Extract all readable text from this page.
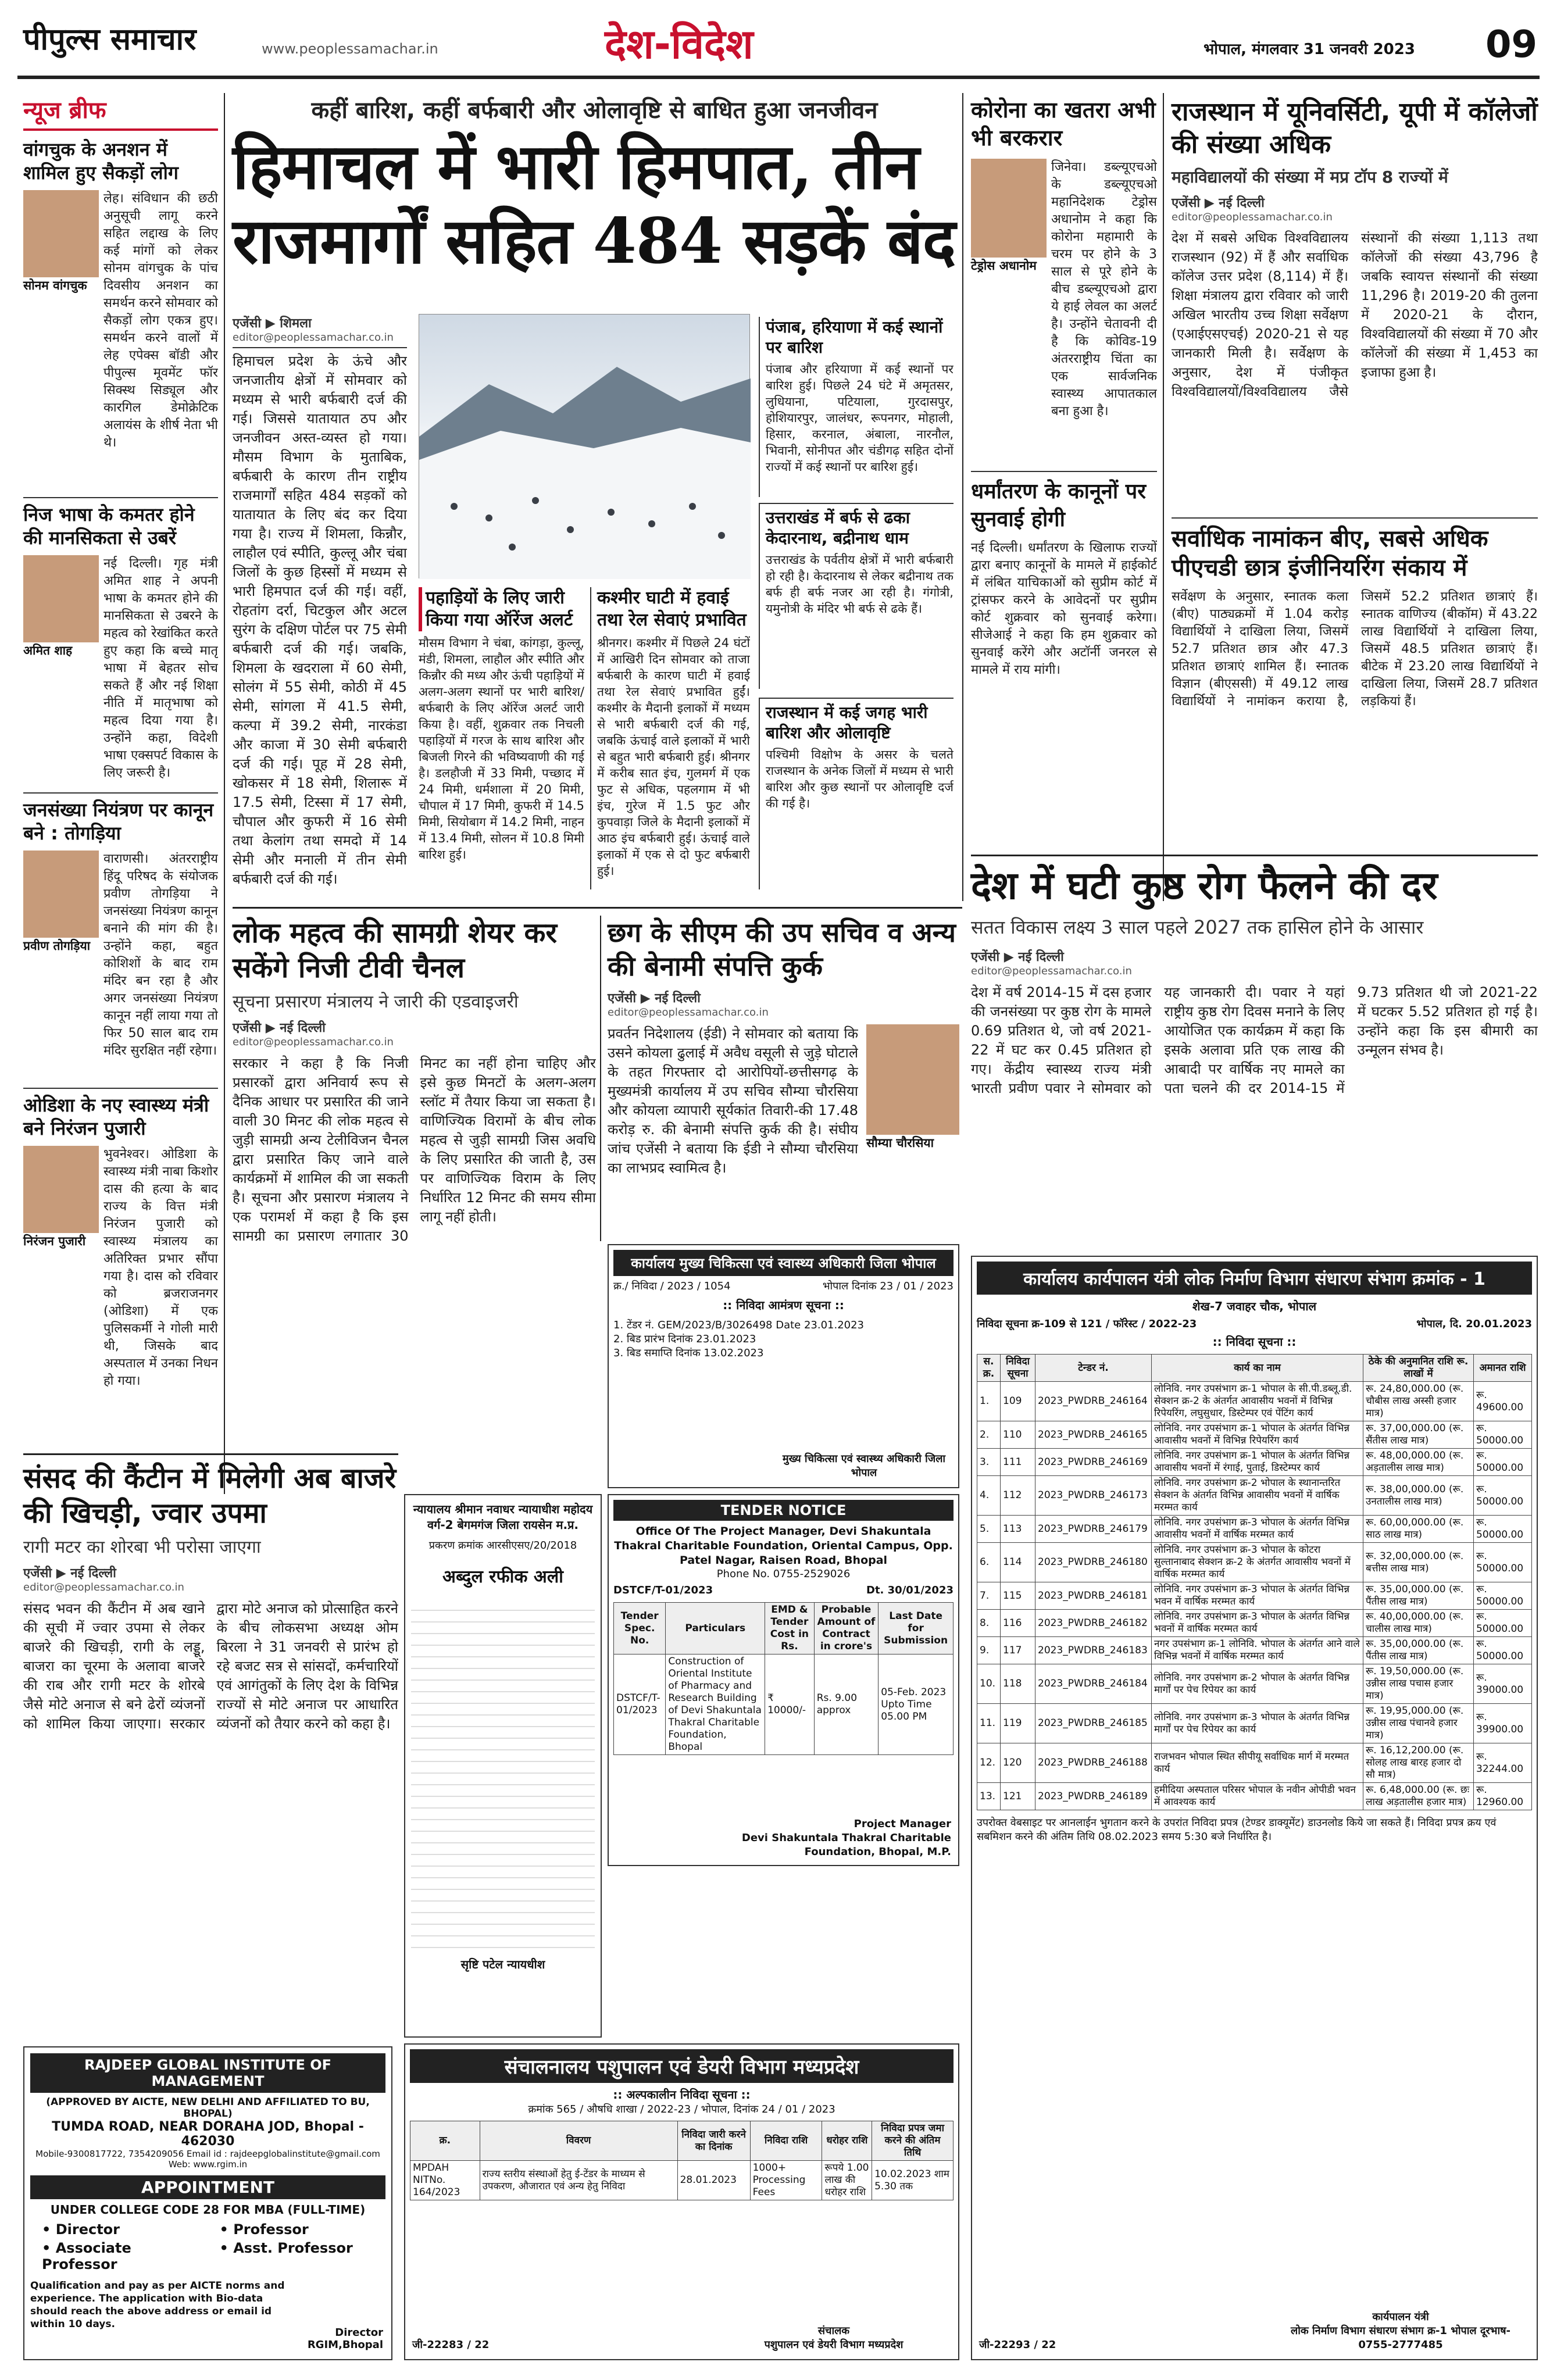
पीपुल्स समाचार	www.peoplessamachar.in	देश-विदेश	भोपाल, मंगलवार 31 जनवरी 2023 09
न्यूज ब्रीफ
वांगचुक के अनशन में शामिल हुए सैकड़ों लोग
सोनम वांगचुक
लेह। संविधान की छठी अनुसूची लागू करने सहित लद्दाख के लिए कई मांगों को लेकर सोनम वांगचुक के पांच दिवसीय अनशन का समर्थन करने सोमवार को सैकड़ों लोग एकत्र हुए। समर्थन करने वालों में लेह एपेक्स बॉडी और पीपुल्स मूवमेंट फॉर सिक्स्थ सिड्यूल और कारगिल डेमोक्रेटिक अलायंस के शीर्ष नेता भी थे।
निज भाषा के कमतर होने की मानसिकता से उबरें
अमित शाह
नई दिल्ली। गृह मंत्री अमित शाह ने अपनी भाषा के कमतर होने की मानसिकता से उबरने के महत्व को रेखांकित करते हुए कहा कि बच्चे मातृ भाषा में बेहतर सोच सकते हैं और नई शिक्षा नीति में मातृभाषा को महत्व दिया गया है। उन्होंने कहा, विदेशी भाषा एक्सपर्ट विकास के लिए जरूरी है।
जनसंख्या नियंत्रण पर कानून बने : तोगड़िया
प्रवीण तोगड़िया
वाराणसी। अंतरराष्ट्रीय हिंदू परिषद के संयोजक प्रवीण तोगड़िया ने जनसंख्या नियंत्रण कानून बनाने की मांग की है। उन्होंने कहा, बहुत कोशिशों के बाद राम मंदिर बन रहा है और अगर जनसंख्या नियंत्रण कानून नहीं लाया गया तो फिर 50 साल बाद राम मंदिर सुरक्षित नहीं रहेगा।
ओडिशा के नए स्वास्थ्य मंत्री बने निरंजन पुजारी
निरंजन पुजारी
भुवनेश्वर। ओडिशा के स्वास्थ्य मंत्री नाबा किशोर दास की हत्या के बाद राज्य के वित्त मंत्री निरंजन पुजारी को स्वास्थ्य मंत्रालय का अतिरिक्त प्रभार सौंपा गया है। दास को रविवार को ब्रजराजनगर (ओडिशा) में एक पुलिसकर्मी ने गोली मारी थी, जिसके बाद अस्पताल में उनका निधन हो गया।
कहीं बारिश, कहीं बर्फबारी और ओलावृष्टि से बाधित हुआ जनजीवन
हिमाचल में भारी हिमपात, तीन राजमार्गों सहित 484 सड़कें बंद
एजेंसी ▶ शिमला
editor@peoplessamachar.co.in
हिमाचल प्रदेश के ऊंचे और जनजातीय क्षेत्रों में सोमवार को मध्यम से भारी बर्फबारी दर्ज की गई। जिससे यातायात ठप और जनजीवन अस्त-व्यस्त हो गया। मौसम विभाग के मुताबिक, बर्फबारी के कारण तीन राष्ट्रीय राजमार्गों सहित 484 सड़कों को यातायात के लिए बंद कर दिया गया है। राज्य में शिमला, किन्नौर, लाहौल एवं स्पीति, कुल्लू और चंबा जिलों के कुछ हिस्सों में मध्यम से भारी हिमपात दर्ज की गई। वहीं, रोहतांग दर्रा, चिटकुल और अटल सुरंग के दक्षिण पोर्टल पर 75 सेमी बर्फबारी दर्ज की गई। जबकि, शिमला के खदराला में 60 सेमी, सोलंग में 55 सेमी, कोठी में 45 सेमी, सांगला में 41.5 सेमी, कल्पा में 39.2 सेमी, नारकंडा और काजा में 30 सेमी बर्फबारी दर्ज की गई। पूह में 28 सेमी, खोकसर में 18 सेमी, शिलारू में 17.5 सेमी, टिस्सा में 17 सेमी, चौपाल और कुफरी में 16 सेमी तथा केलांग तथा समदो में 14 सेमी और मनाली में तीन सेमी बर्फबारी दर्ज की गई।
पहाड़ियों के लिए जारी किया गया ऑरेंज अलर्ट
मौसम विभाग ने चंबा, कांगड़ा, कुल्लू, मंडी, शिमला, लाहौल और स्पीति और किन्नौर की मध्य और ऊंची पहाड़ियों में अलग-अलग स्थानों पर भारी बारिश/बर्फबारी के लिए ऑरेंज अलर्ट जारी किया है। वहीं, शुक्रवार तक निचली पहाड़ियों में गरज के साथ बारिश और बिजली गिरने की भविष्यवाणी की गई है। डलहौजी में 33 मिमी, पच्छाद में 24 मिमी, धर्मशाला में 20 मिमी, चौपाल में 17 मिमी, कुफरी में 14.5 मिमी, सियोबाग में 14.2 मिमी, नाहन में 13.4 मिमी, सोलन में 10.8 मिमी बारिश हुई।
कश्मीर घाटी में हवाई तथा रेल सेवाएं प्रभावित
श्रीनगर। कश्मीर में पिछले 24 घंटों में आखिरी दिन सोमवार को ताजा बर्फबारी के कारण घाटी में हवाई तथा रेल सेवाएं प्रभावित हुईं। कश्मीर के मैदानी इलाकों में मध्यम से भारी बर्फबारी दर्ज की गई, जबकि ऊंचाई वाले इलाकों में भारी से बहुत भारी बर्फबारी हुई। श्रीनगर में करीब सात इंच, गुलमर्ग में एक फुट से अधिक, पहलगाम में भी इंच, गुरेज में 1.5 फुट और कुपवाड़ा जिले के मैदानी इलाकों में आठ इंच बर्फबारी हुई। ऊंचाई वाले इलाकों में एक से दो फुट बर्फबारी हुई।
पंजाब, हरियाणा में कई स्थानों पर बारिश
पंजाब और हरियाणा में कई स्थानों पर बारिश हुई। पिछले 24 घंटे में अमृतसर, लुधियाना, पटियाला, गुरदासपुर, होशियारपुर, जालंधर, रूपनगर, मोहाली, हिसार, करनाल, अंबाला, नारनौल, भिवानी, सोनीपत और चंडीगढ़ सहित दोनों राज्यों में कई स्थानों पर बारिश हुई।
उत्तराखंड में बर्फ से ढका केदारनाथ, बद्रीनाथ धाम
उत्तराखंड के पर्वतीय क्षेत्रों में भारी बर्फबारी हो रही है। केदारनाथ से लेकर बद्रीनाथ तक बर्फ ही बर्फ नजर आ रही है। गंगोत्री, यमुनोत्री के मंदिर भी बर्फ से ढके हैं।
राजस्थान में कई जगह भारी बारिश और ओलावृष्टि
पश्चिमी विक्षोभ के असर के चलते राजस्थान के अनेक जिलों में मध्यम से भारी बारिश और कुछ स्थानों पर ओलावृष्टि दर्ज की गई है।
कोरोना का खतरा अभी भी बरकरार
टेड्रोस अधानोम
जिनेवा। डब्ल्यूएचओ के डब्ल्यूएचओ महानिदेशक टेड्रोस अधानोम ने कहा कि कोरोना महामारी के चरम पर होने के 3 साल से पूरे होने के बीच डब्ल्यूएचओ द्वारा ये हाई लेवल का अलर्ट है। उन्होंने चेतावनी दी है कि कोविड-19 अंतरराष्ट्रीय चिंता का एक सार्वजनिक स्वास्थ्य आपातकाल बना हुआ है।
धर्मांतरण के कानूनों पर सुनवाई होगी
नई दिल्ली। धर्मांतरण के खिलाफ राज्यों द्वारा बनाए कानूनों के मामले में हाईकोर्ट में लंबित याचिकाओं को सुप्रीम कोर्ट में ट्रांसफर करने के आवेदनों पर सुप्रीम कोर्ट शुक्रवार को सुनवाई करेगा। सीजेआई ने कहा कि हम शुक्रवार को सुनवाई करेंगे और अटॉर्नी जनरल से मामले में राय मांगी।
राजस्थान में यूनिवर्सिटी, यूपी में कॉलेजों की संख्या अधिक
महाविद्यालयों की संख्या में मप्र टॉप 8 राज्यों में
एजेंसी ▶ नई दिल्ली
editor@peoplessamachar.co.in
देश में सबसे अधिक विश्वविद्यालय राजस्थान (92) में हैं और सर्वाधिक कॉलेज उत्तर प्रदेश (8,114) में हैं। शिक्षा मंत्रालय द्वारा रविवार को जारी अखिल भारतीय उच्च शिक्षा सर्वेक्षण (एआईएसएचई) 2020-21 से यह जानकारी मिली है। सर्वेक्षण के अनुसार, देश में पंजीकृत विश्वविद्यालयों/विश्वविद्यालय जैसे संस्थानों की संख्या 1,113 तथा कॉलेजों की संख्या 43,796 है जबकि स्वायत्त संस्थानों की संख्या 11,296 है। 2019-20 की तुलना में 2020-21 के दौरान, विश्वविद्यालयों की संख्या में 70 और कॉलेजों की संख्या में 1,453 का इजाफा हुआ है।
सर्वाधिक नामांकन बीए, सबसे अधिक पीएचडी छात्र इंजीनियरिंग संकाय में
सर्वेक्षण के अनुसार, स्नातक कला (बीए) पाठ्यक्रमों में 1.04 करोड़ विद्यार्थियों ने दाखिला लिया, जिसमें 52.7 प्रतिशत छात्र और 47.3 प्रतिशत छात्राएं शामिल हैं। स्नातक विज्ञान (बीएससी) में 49.12 लाख विद्यार्थियों ने नामांकन कराया है, जिसमें 52.2 प्रतिशत छात्राएं हैं। स्नातक वाणिज्य (बीकॉम) में 43.22 लाख विद्यार्थियों ने दाखिला लिया, जिसमें 48.5 प्रतिशत छात्राएं हैं। बीटेक में 23.20 लाख विद्यार्थियों ने दाखिला लिया, जिसमें 28.7 प्रतिशत लड़कियां हैं।
देश में घटी कुष्ठ रोग फैलने की दर
सतत विकास लक्ष्य 3 साल पहले 2027 तक हासिल होने के आसार
एजेंसी ▶ नई दिल्ली
editor@peoplessamachar.co.in
देश में वर्ष 2014-15 में दस हजार की जनसंख्या पर कुष्ठ रोग के मामले 0.69 प्रतिशत थे, जो वर्ष 2021-22 में घट कर 0.45 प्रतिशत हो गए। केंद्रीय स्वास्थ्य राज्य मंत्री भारती प्रवीण पवार ने सोमवार को यह जानकारी दी। पवार ने यहां राष्ट्रीय कुष्ठ रोग दिवस मनाने के लिए आयोजित एक कार्यक्रम में कहा कि इसके अलावा प्रति एक लाख की आबादी पर वार्षिक नए मामले का पता चलने की दर 2014-15 में 9.73 प्रतिशत थी जो 2021-22 में घटकर 5.52 प्रतिशत हो गई है। उन्होंने कहा कि इस बीमारी का उन्मूलन संभव है।
लोक महत्व की सामग्री शेयर कर सकेंगे निजी टीवी चैनल
सूचना प्रसारण मंत्रालय ने जारी की एडवाइजरी
एजेंसी ▶ नई दिल्ली
editor@peoplessamachar.co.in
सरकार ने कहा है कि निजी प्रसारकों द्वारा अनिवार्य रूप से दैनिक आधार पर प्रसारित की जाने वाली 30 मिनट की लोक महत्व से जुड़ी सामग्री अन्य टेलीविजन चैनल द्वारा प्रसारित किए जाने वाले कार्यक्रमों में शामिल की जा सकती है। सूचना और प्रसारण मंत्रालय ने एक परामर्श में कहा है कि इस सामग्री का प्रसारण लगातार 30 मिनट का नहीं होना चाहिए और इसे कुछ मिनटों के अलग-अलग स्लॉट में तैयार किया जा सकता है। वाणिज्यिक विरामों के बीच लोक महत्व से जुड़ी सामग्री जिस अवधि के लिए प्रसारित की जाती है, उस पर वाणिज्यिक विराम के लिए निर्धारित 12 मिनट की समय सीमा लागू नहीं होती।
छग के सीएम की उप सचिव व अन्य की बेनामी संपत्ति कुर्क
एजेंसी ▶ नई दिल्ली
editor@peoplessamachar.co.in
प्रवर्तन निदेशालय (ईडी) ने सोमवार को बताया कि उसने कोयला ढुलाई में अवैध वसूली से जुड़े घोटाले के तहत गिरफ्तार दो आरोपियों-छत्तीसगढ़ के मुख्यमंत्री कार्यालय में उप सचिव सौम्या चौरसिया और कोयला व्यापारी सूर्यकांत तिवारी-की 17.48 करोड़ रु. की बेनामी संपत्ति कुर्क की है। संघीय जांच एजेंसी ने बताया कि ईडी ने सौम्या चौरसिया का लाभप्रद स्वामित्व है।
सौम्या चौरसिया
कार्यालय मुख्य चिकित्सा एवं स्वास्थ्य अधिकारी जिला भोपाल
क्र./ निविदा / 2023 / 1054	भोपाल दिनांक 23 / 01 / 2023
:: निविदा आमंत्रण सूचना ::
1. टेंडर नं. GEM/2023/B/3026498 Date 23.01.2023
2. बिड प्रारंभ दिनांक 23.01.2023
3. बिड समाप्ति दिनांक 13.02.2023
मुख्य चिकित्सा एवं स्वास्थ्य अधिकारी जिला भोपाल
संसद की कैंटीन में मिलेगी अब बाजरे की खिचड़ी, ज्वार उपमा
रागी मटर का शोरबा भी परोसा जाएगा
एजेंसी ▶ नई दिल्ली
editor@peoplessamachar.co.in
संसद भवन की कैंटीन में अब खाने की सूची में ज्वार उपमा से लेकर बाजरे की खिचड़ी, रागी के लड्डू, बाजरा का चूरमा के अलावा बाजरे की राब और रागी मटर के शोरबे जैसे मोटे अनाज से बने ढेरों व्यंजनों को शामिल किया जाएगा। सरकार द्वारा मोटे अनाज को प्रोत्साहित करने के बीच लोकसभा अध्यक्ष ओम बिरला ने 31 जनवरी से प्रारंभ हो रहे बजट सत्र से सांसदों, कर्मचारियों एवं आगंतुकों के लिए देश के विभिन्न राज्यों से मोटे अनाज पर आधारित व्यंजनों को तैयार करने को कहा है।
न्यायालय श्रीमान नवाधर न्यायाधीश महोदय
वर्ग-2 बेगमगंज जिला रायसेन म.प्र.
प्रकरण क्रमांक आरसीएसए/20/2018
अब्दुल रफीक अली
सृष्टि पटेल न्यायधीश
TENDER NOTICE
Office Of The Project Manager, Devi Shakuntala Thakral Charitable Foundation, Oriental Campus, Opp. Patel Nagar, Raisen Road, Bhopal
Phone No. 0755-2529026
DSTCF/T-01/2023	Dt. 30/01/2023
Tender Spec. No.	Particulars	EMD & Tender Cost in Rs.	Probable Amount of Contract in crore's	Last Date for Submission
DSTCF/T-01/2023	Construction of Oriental Institute of Pharmacy and Research Building of Devi Shakuntala Thakral Charitable Foundation, Bhopal	₹ 10000/-	Rs. 9.00 approx	05-Feb. 2023 Upto Time 05.00 PM
Project Manager
Devi Shakuntala Thakral Charitable Foundation, Bhopal, M.P.
RAJDEEP GLOBAL INSTITUTE OF MANAGEMENT
(APPROVED BY AICTE, NEW DELHI AND AFFILIATED TO BU, BHOPAL)
TUMDA ROAD, NEAR DORAHA JOD, Bhopal - 462030
Mobile-9300817722, 7354209056 Email id : rajdeepglobalinstitute@gmail.com
Web: www.rgim.in
APPOINTMENT
UNDER COLLEGE CODE 28 FOR MBA (FULL-TIME)
• Director	• Professor
• Associate Professor
• Asst. Professor
Qualification and pay as per AICTE norms and experience. The application with Bio-data should reach the above address or email id within 10 days.
Director
RGIM,Bhopal
संचालनालय पशुपालन एवं डेयरी विभाग मध्यप्रदेश
:: अल्पकालीन निविदा सूचना ::
क्रमांक 565 / औषधि शाखा / 2022-23 / भोपाल, दिनांक 24 / 01 / 2023
क्र.	विवरण	निविदा जारी करने का दिनांक	निविदा राशि	धरोहर राशि	निविदा प्रपत्र जमा करने की अंतिम तिथि
MPDAH NITNo. 164/2023	राज्य स्तरीय संस्थाओं हेतु ई-टेंडर के माध्यम से उपकरण, औजारात एवं अन्य हेतु निविदा	28.01.2023	1000+ Processing Fees	रूपये 1.00 लाख की धरोहर राशि	10.02.2023 शाम 5.30 तक
जी-22283 / 22
संचालक
पशुपालन एवं डेयरी विभाग मध्यप्रदेश
कार्यालय कार्यपालन यंत्री लोक निर्माण विभाग संधारण संभाग क्रमांक - 1
शेख-7 जवाहर चौक, भोपाल
निविदा सूचना क्र-109 से 121 / फॉरेस्ट / 2022-23	भोपाल, दि. 20.01.2023
:: निविदा सूचना ::
स. क्र.	निविदा सूचना	टेन्डर नं.	कार्य का नाम	ठेके की अनुमानित राशि रू. लाखों में	अमानत राशि
1.	109	2023_PWDRB_246164	लोनिवि. नगर उपसंभाग क्र-1 भोपाल के सी.पी.डब्लू.डी. सेक्शन क्र-2 के अंतर्गत आवासीय भवनों में विभिन्न रिपेयरिंग, लघुसुधार, डिस्टेम्पर एवं पेंटिंग कार्य	रू. 24,80,000.00 (रू. चौबीस लाख अस्सी हजार मात्र)	रू. 49600.00
2.	110	2023_PWDRB_246165	लोनिवि. नगर उपसंभाग क्र-1 भोपाल के अंतर्गत विभिन्न आवासीय भवनों में विभिन्न रिपेयरिंग कार्य	रू. 37,00,000.00 (रू. सैंतीस लाख मात्र)	रू. 50000.00
3.	111	2023_PWDRB_246169	लोनिवि. नगर उपसंभाग क्र-1 भोपाल के अंतर्गत विभिन्न आवासीय भवनों में रंगाई, पुताई, डिस्टेम्पर कार्य	रू. 48,00,000.00 (रू. अड़तालीस लाख मात्र)	रू. 50000.00
4.	112	2023_PWDRB_246173	लोनिवि. नगर उपसंभाग क्र-2 भोपाल के स्थानान्तरित सेक्शन के अंतर्गत विभिन्न आवासीय भवनों में वार्षिक मरम्मत कार्य	रू. 38,00,000.00 (रू. उनतालीस लाख मात्र)	रू. 50000.00
5.	113	2023_PWDRB_246179	लोनिवि. नगर उपसंभाग क्र-3 भोपाल के अंतर्गत विभिन्न आवासीय भवनों में वार्षिक मरम्मत कार्य	रू. 60,00,000.00 (रू. साठ लाख मात्र)	रू. 50000.00
6.	114	2023_PWDRB_246180	लोनिवि. नगर उपसंभाग क्र-3 भोपाल के कोटरा सुल्तानाबाद सेक्शन क्र-2 के अंतर्गत आवासीय भवनों में वार्षिक मरम्मत कार्य	रू. 32,00,000.00 (रू. बत्तीस लाख मात्र)	रू. 50000.00
7.	115	2023_PWDRB_246181	लोनिवि. नगर उपसंभाग क्र-3 भोपाल के अंतर्गत विभिन्न भवन में वार्षिक मरम्मत कार्य	रू. 35,00,000.00 (रू. पैंतीस लाख मात्र)	रू. 50000.00
8.	116	2023_PWDRB_246182	लोनिवि. नगर उपसंभाग क्र-3 भोपाल के अंतर्गत विभिन्न भवनों में वार्षिक मरम्मत कार्य	रू. 40,00,000.00 (रू. चालीस लाख मात्र)	रू. 50000.00
9.	117	2023_PWDRB_246183	नगर उपसंभाग क्र-1 लोनिवि. भोपाल के अंतर्गत आने वाले विभिन्न भवनों में वार्षिक मरम्मत कार्य	रू. 35,00,000.00 (रू. पैंतीस लाख मात्र)	रू. 50000.00
10.	118	2023_PWDRB_246184	लोनिवि. नगर उपसंभाग क्र-2 भोपाल के अंतर्गत विभिन्न मार्गों पर पेच रिपेयर का कार्य	रू. 19,50,000.00 (रू. उन्नीस लाख पचास हजार मात्र)	रू. 39000.00
11.	119	2023_PWDRB_246185	लोनिवि. नगर उपसंभाग क्र-3 भोपाल के अंतर्गत विभिन्न मार्गों पर पेच रिपेयर का कार्य	रू. 19,95,000.00 (रू. उन्नीस लाख पंचानवे हजार मात्र)	रू. 39900.00
12.	120	2023_PWDRB_246188	राजभवन भोपाल स्थित सीपीयू सर्वाधिक मार्ग में मरम्मत कार्य	रू. 16,12,200.00 (रू. सोलह लाख बारह हजार दो सौ मात्र)	रू. 32244.00
13.	121	2023_PWDRB_246189	हमीदिया अस्पताल परिसर भोपाल के नवीन ओपीडी भवन में आवश्यक कार्य	रू. 6,48,000.00 (रू. छः लाख अड़तालीस हजार मात्र)	रू. 12960.00
उपरोक्त वेबसाइट पर आनलाईन भुगतान करने के उपरांत निविदा प्रपत्र (टेण्डर डाक्यूमेंट) डाउनलोड किये जा सकते हैं। निविदा प्रपत्र क्रय एवं सबमिशन करने की अंतिम तिथि 08.02.2023 समय 5:30 बजे निर्धारित है।
जी-22293 / 22
कार्यपालन यंत्री
लोक निर्माण विभाग संधारण संभाग क्र-1 भोपाल दूरभाष- 0755-2777485
